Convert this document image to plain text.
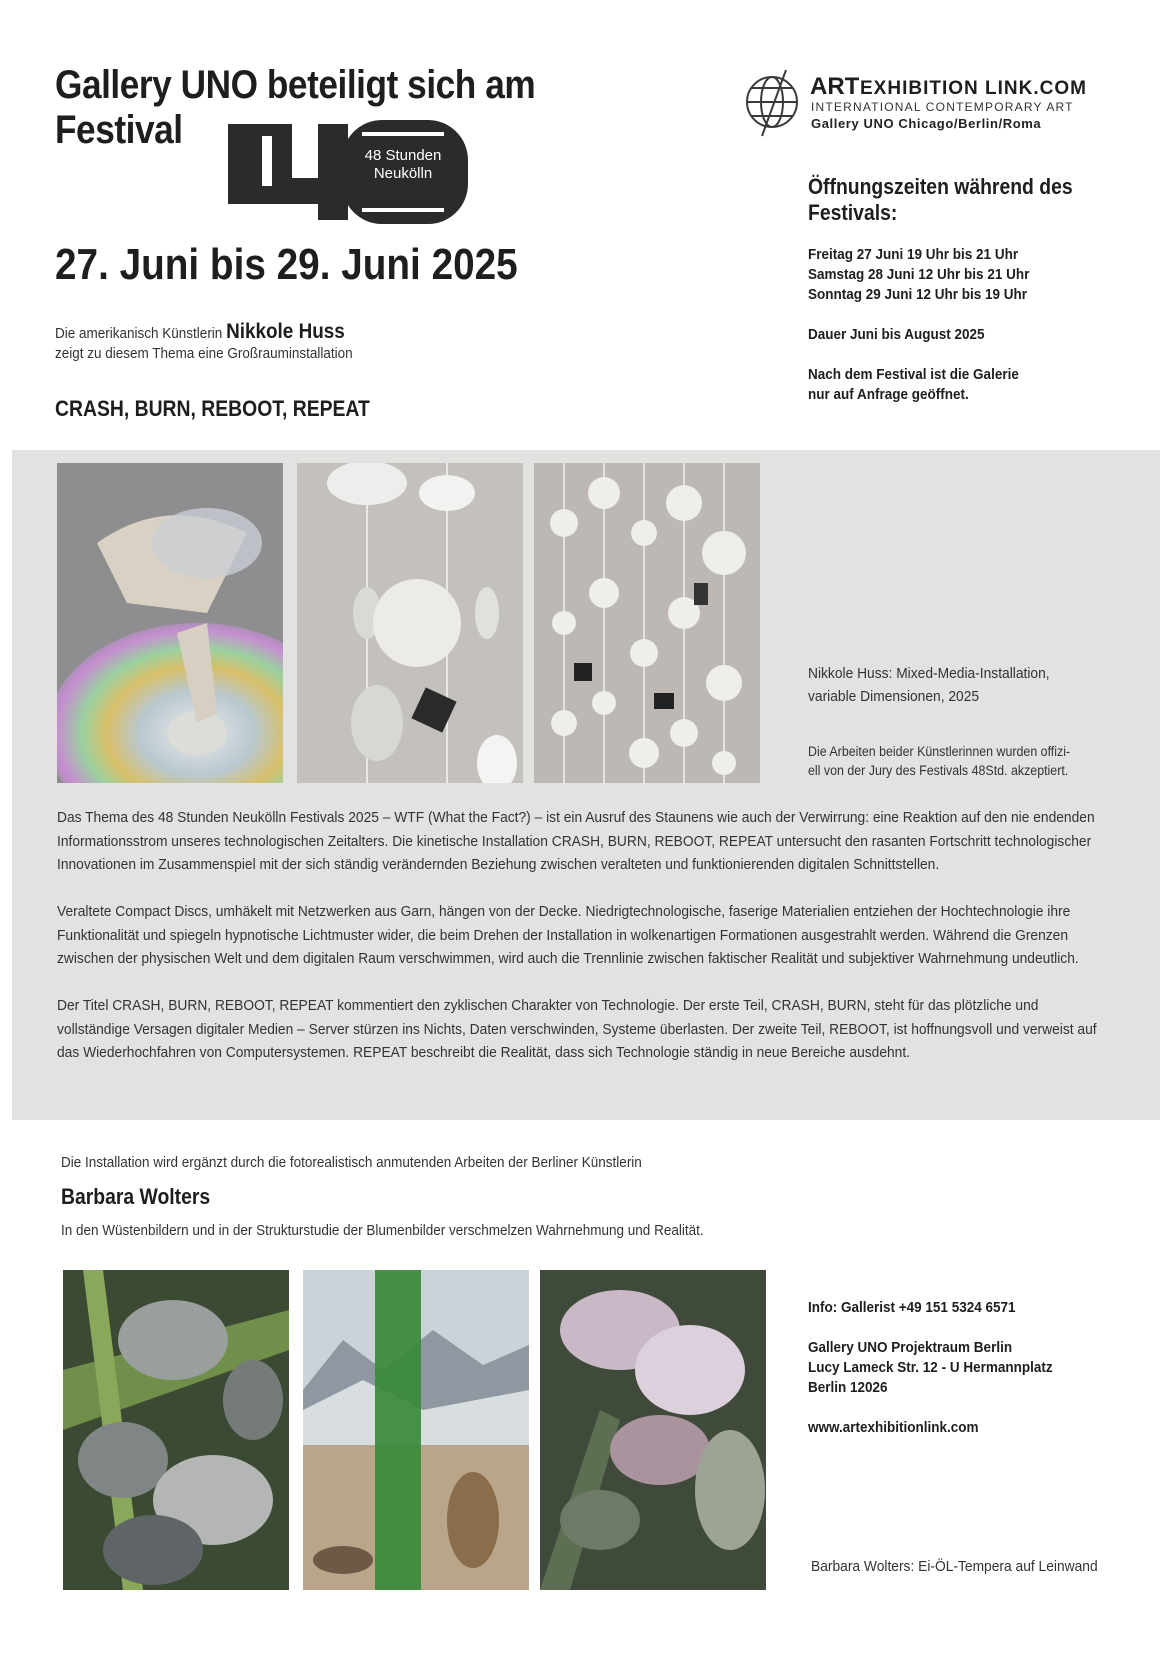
Gallery UNO beteiligt sich am Festival
48 Stunden
Neukölln
27. Juni bis 29. Juni 2025
Die amerikanisch Künstlerin Nikkole Huss
zeigt zu diesem Thema eine Großrauminstallation
CRASH, BURN, REBOOT, REPEAT
ART EXHIBITION LINK.COM
INTERNATIONAL CONTEMPORARY ART
Gallery UNO Chicago/Berlin/Roma
Öffnungszeiten während des Festivals:
Freitag 27 Juni 19 Uhr bis 21 Uhr
Samstag 28 Juni 12 Uhr bis 21 Uhr
Sonntag 29 Juni 12 Uhr bis 19 Uhr
Dauer Juni bis August 2025
Nach dem Festival ist die Galerie
nur auf Anfrage geöffnet.
Nikkole Huss: Mixed-Media-Installation,
variable Dimensionen, 2025
Die Arbeiten beider Künstlerinnen wurden offizi-
ell von der Jury des Festivals 48Std. akzeptiert.

Das Thema des 48 Stunden Neukölln Festivals 2025 – WTF (What the Fact?) – ist ein Ausruf des Staunens wie auch der Verwirrung: eine Reaktion auf den nie endenden Informationsstrom unseres technologischen Zeitalters. Die kinetische Installation CRASH, BURN, REBOOT, REPEAT untersucht den rasanten Fortschritt technologischer Innovationen im Zusammenspiel mit der sich ständig verändernden Beziehung zwischen veralteten und funktionierenden digitalen Schnittstellen.

Veraltete Compact Discs, umhäkelt mit Netzwerken aus Garn, hängen von der Decke. Niedrigtechnologische, faserige Materialien entziehen der Hochtechnologie ihre Funktionalität und spiegeln hypnotische Lichtmuster wider, die beim Drehen der Installation in wolkenartigen Formationen ausgestrahlt werden. Während die Grenzen zwischen der physischen Welt und dem digitalen Raum verschwimmen, wird auch die Trennlinie zwischen faktischer Realität und subjektiver Wahrnehmung undeutlich.

Der Titel CRASH, BURN, REBOOT, REPEAT kommentiert den zyklischen Charakter von Technologie. Der erste Teil, CRASH, BURN, steht für das plötzliche und vollständige Versagen digitaler Medien – Server stürzen ins Nichts, Daten verschwinden, Systeme überlasten. Der zweite Teil, REBOOT, ist hoffnungsvoll und verweist auf das Wiederhochfahren von Computersystemen. REPEAT beschreibt die Realität, dass sich Technologie ständig in neue Bereiche ausdehnt.

Die Installation wird ergänzt durch die fotorealistisch anmutenden Arbeiten der Berliner Künstlerin
Barbara Wolters
In den Wüstenbildern und in der Strukturstudie der Blumenbilder verschmelzen Wahrnehmung und Realität.
Info: Gallerist +49 151 5324 6571
Gallery UNO Projektraum Berlin
Lucy Lameck Str. 12 - U Hermannplatz
Berlin 12026
www.artexhibitionlink.com
Barbara Wolters: Ei-ÖL-Tempera auf Leinwand
